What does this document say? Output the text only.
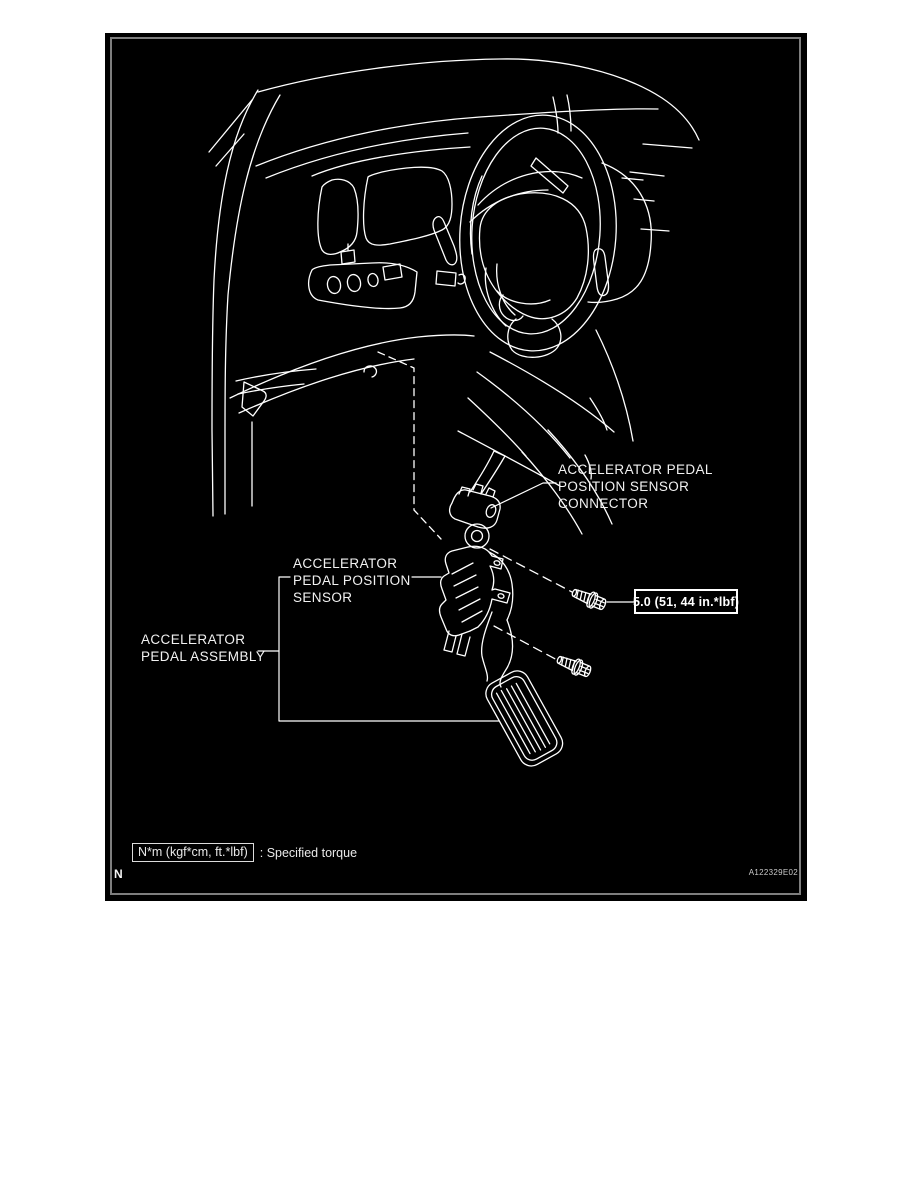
ACCELERATOR PEDAL
POSITION SENSOR
CONNECTOR
ACCELERATOR
PEDAL POSITION
SENSOR
ACCELERATOR
PEDAL ASSEMBLY
5.0 (51, 44 in.*lbf)
N*m (kgf*cm, ft.*lbf) : Specified torque
N	A122329E02
